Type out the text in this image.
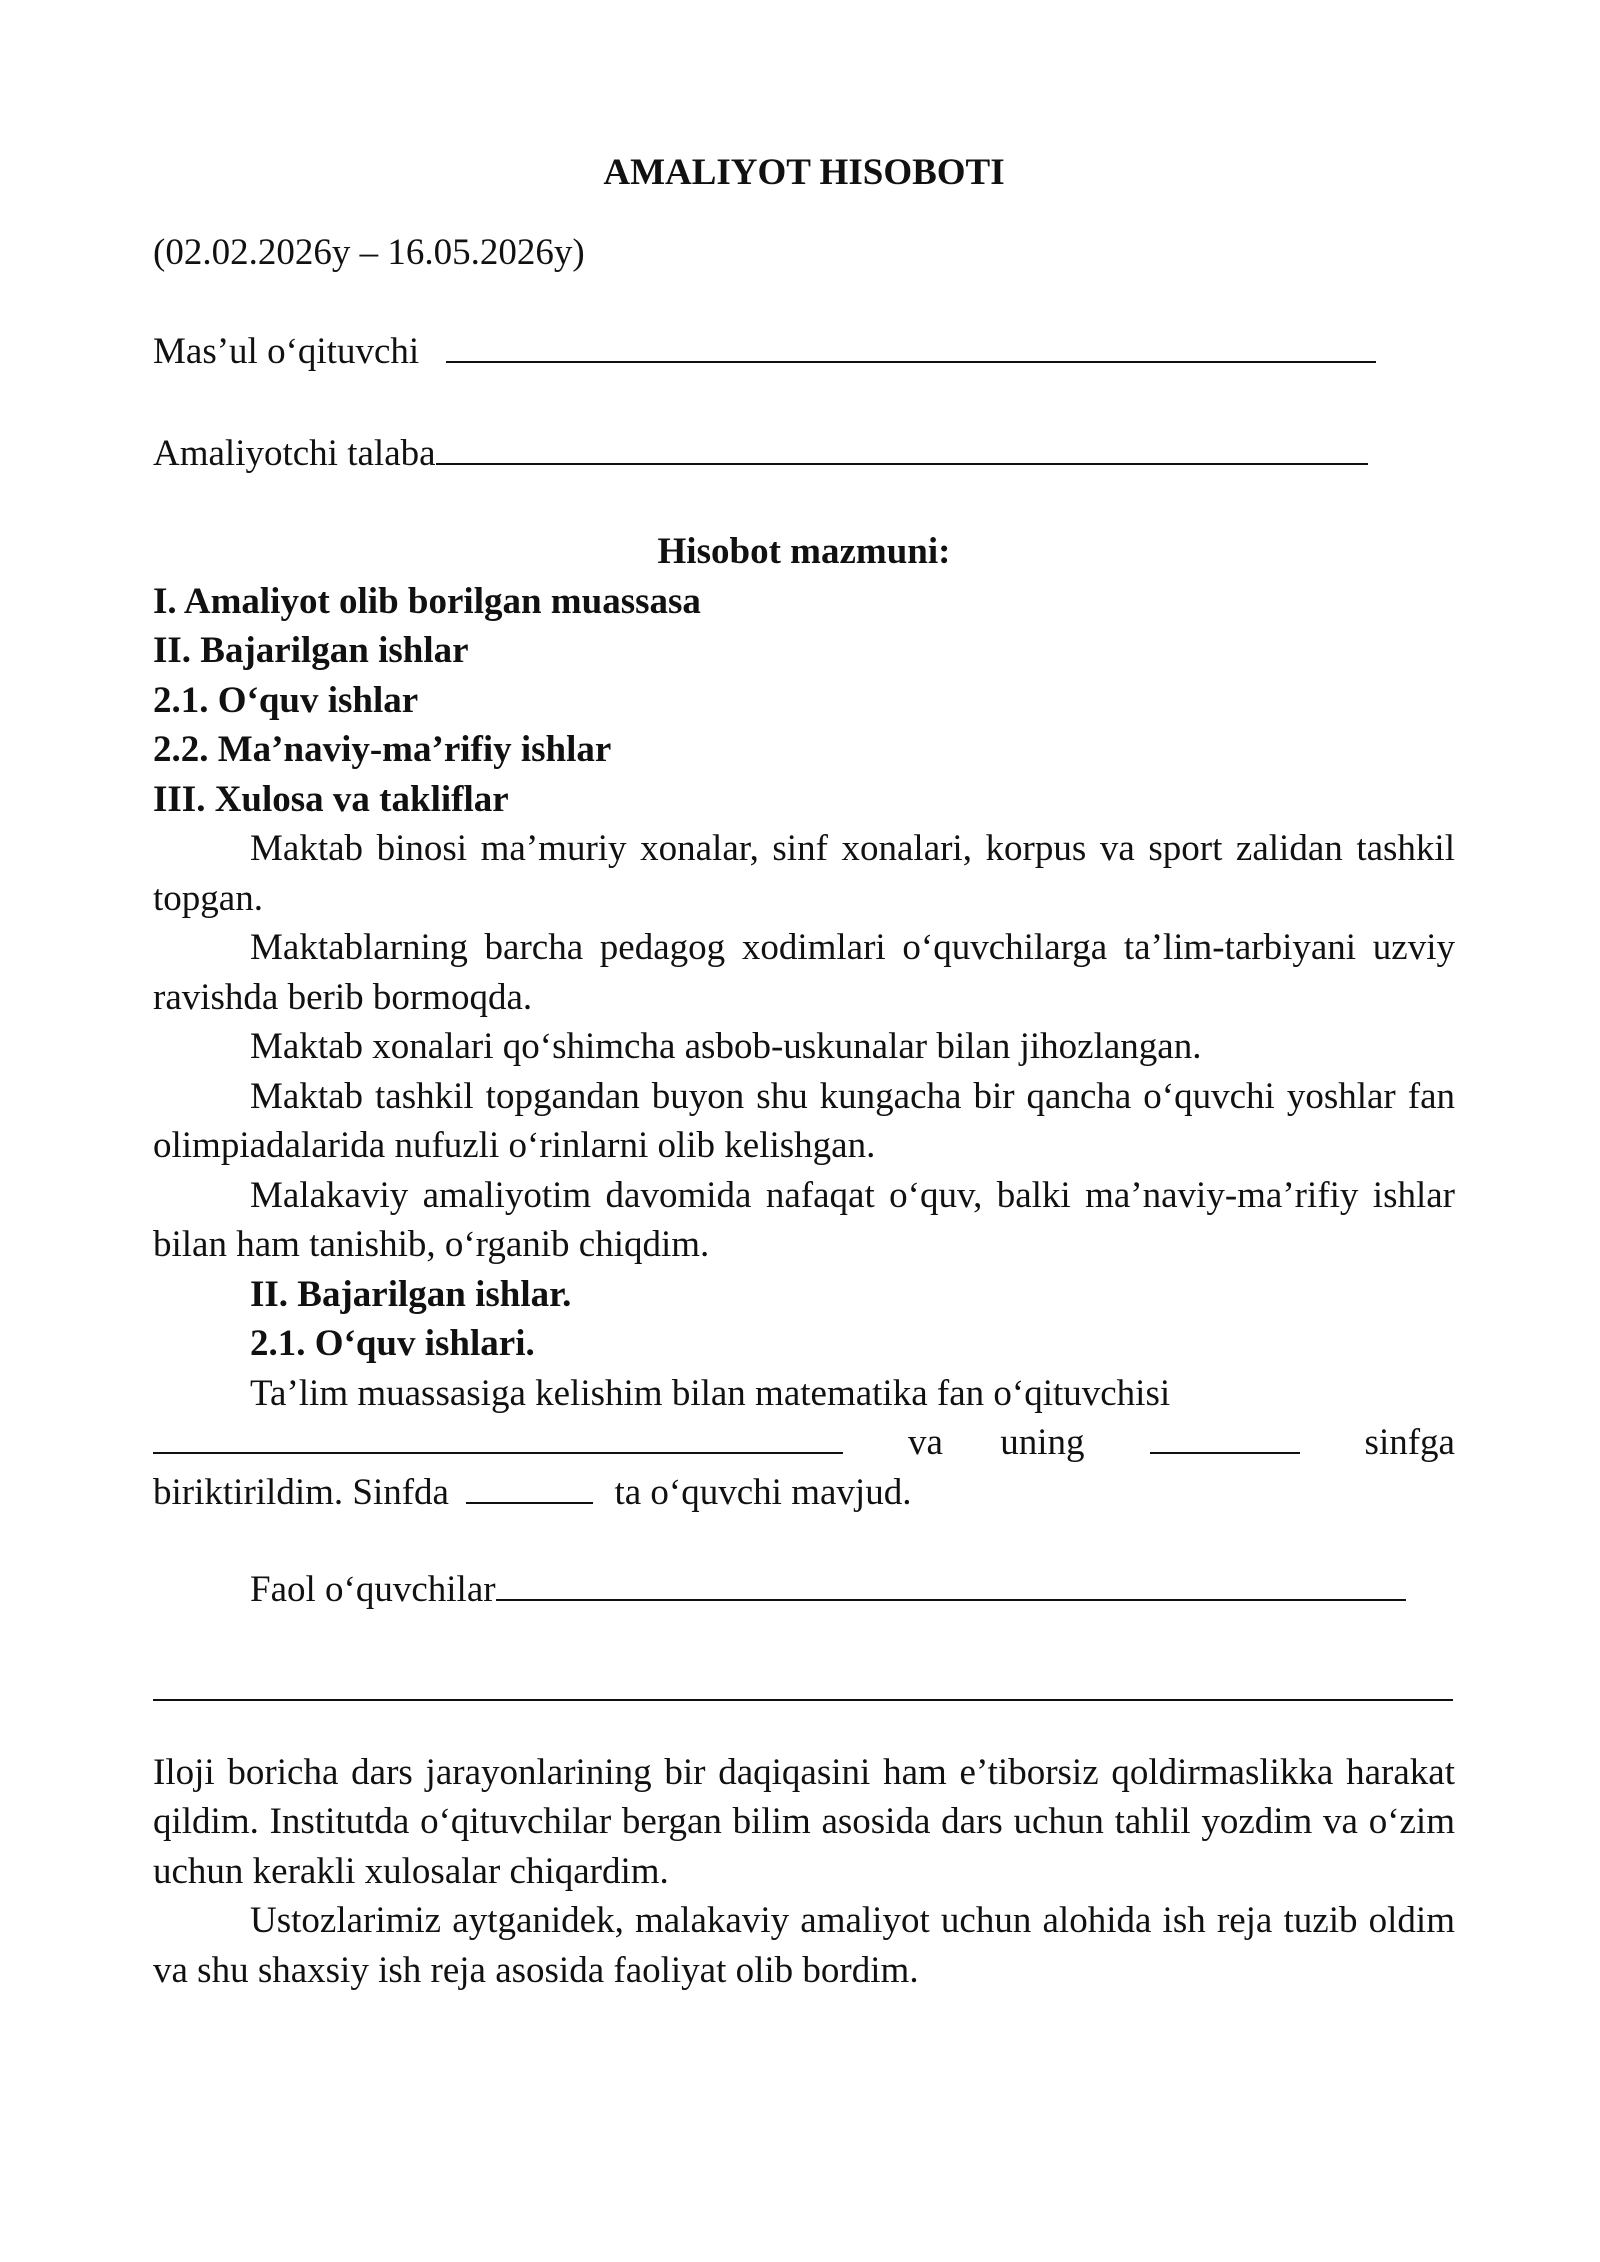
AMALIYOT HISOBOTI

(02.02.2026y – 16.05.2026y)

Mas’ul o‘qituvchi

Amaliyotchi talaba

Hisobot mazmuni:

I. Amaliyot olib borilgan muassasa

II. Bajarilgan ishlar

2.1. O‘quv ishlar

2.2. Ma’naviy-ma’rifiy ishlar

III. Xulosa va takliflar

Maktab binosi ma’muriy xonalar, sinf xonalari, korpus va sport zalidan tashkil topgan.

Maktablarning barcha pedagog xodimlari o‘quvchilarga ta’lim-tarbiyani uzviy ravishda berib bormoqda.

Maktab xonalari qo‘shimcha asbob-uskunalar bilan jihozlangan.

Maktab tashkil topgandan buyon shu kungacha bir qancha o‘quvchi yoshlar fan olimpiadalarida nufuzli o‘rinlarni olib kelishgan.

Malakaviy amaliyotim davomida nafaqat o‘quv, balki ma’naviy-ma’rifiy ishlar bilan ham tanishib, o‘rganib chiqdim.

II. Bajarilgan ishlar.

2.1. O‘quv ishlari.

Ta’lim muassasiga kelishim bilan matematika fan o‘qituvchisi

va uning	sinfga

biriktirildim. Sinfda	ta o‘quvchi mavjud.

Faol o‘quvchilar

Iloji boricha dars jarayonlarining bir daqiqasini ham e’tiborsiz qoldirmaslikka harakat qildim. Institutda o‘qituvchilar bergan bilim asosida dars uchun tahlil yozdim va o‘zim uchun kerakli xulosalar chiqardim.

Ustozlarimiz aytganidek, malakaviy amaliyot uchun alohida ish reja tuzib oldim va shu shaxsiy ish reja asosida faoliyat olib bordim.
